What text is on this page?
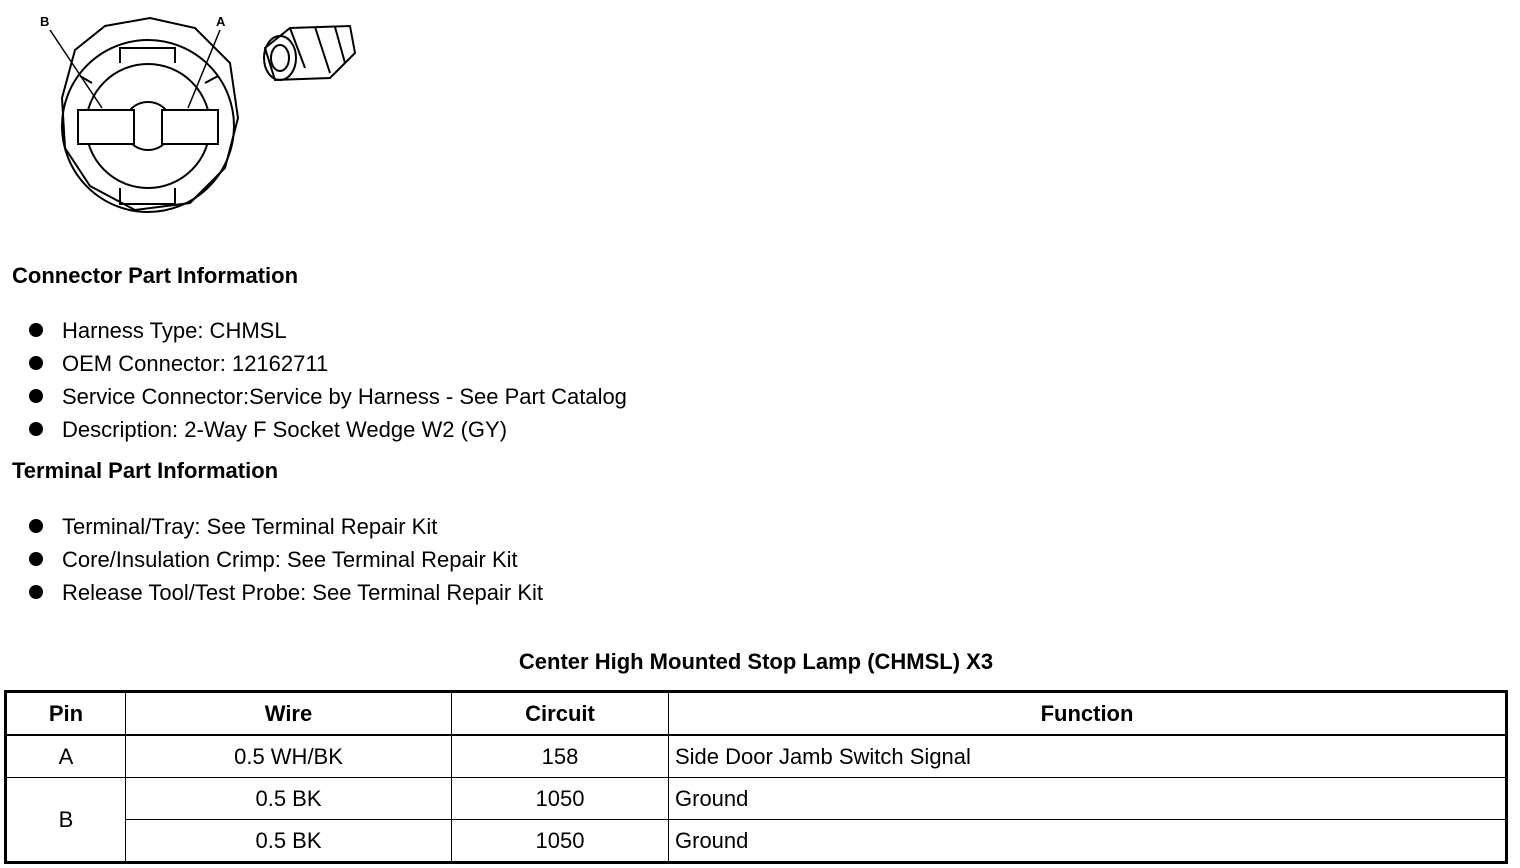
B	A
Connector Part Information
Harness Type: CHMSL
OEM Connector: 12162711
Service Connector:Service by Harness - See Part Catalog
Description: 2-Way F Socket Wedge W2 (GY)
Terminal Part Information
Terminal/Tray: See Terminal Repair Kit
Core/Insulation Crimp: See Terminal Repair Kit
Release Tool/Test Probe: See Terminal Repair Kit
Center High Mounted Stop Lamp (CHMSL) X3
Pin	Wire	Circuit	Function
A	0.5 WH/BK	158	Side Door Jamb Switch Signal
B	0.5 BK	1050	Ground
	0.5 BK	1050	Ground
